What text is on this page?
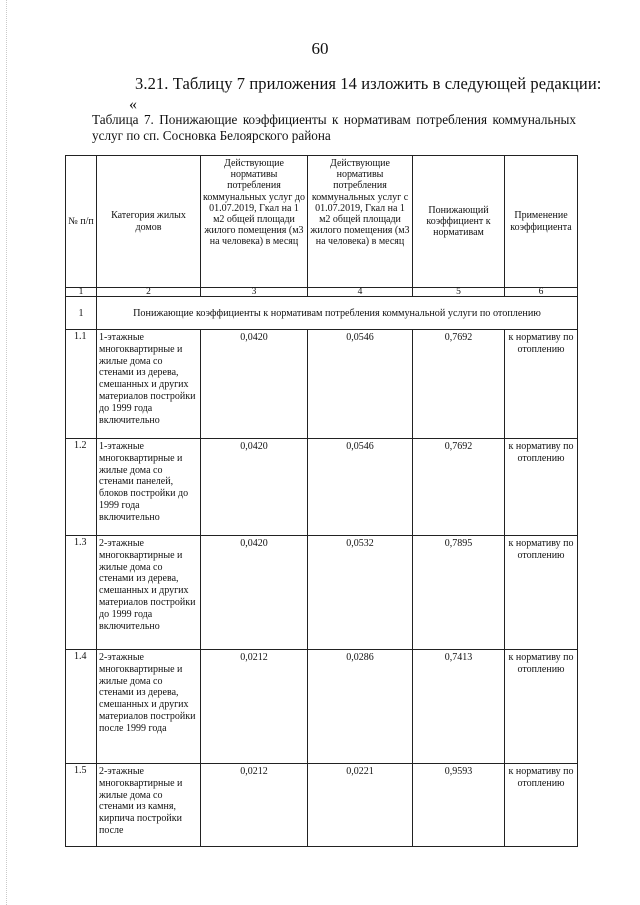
60
3.21. Таблицу 7 приложения 14 изложить в следующей редакции:
«
Таблица 7. Понижающие коэффициенты к нормативам потребления коммунальных услуг по сп. Сосновка Белоярского района
№ п/п	Категория жилых домов	Действующие нормативы потребления коммунальных услуг до 01.07.2019, Гкал на 1 м2 общей площади жилого помещения (м3 на человека) в месяц	Действующие нормативы потребления коммунальных услуг с 01.07.2019, Гкал на 1 м2 общей площади жилого помещения (м3 на человека) в месяц	Понижающий коэффициент к нормативам	Применение коэффициента
1	2	3	4	5	6
1	Понижающие коэффициенты к нормативам потребления коммунальной услуги по отоплению				
1.1	1-этажные многоквартирные и жилые дома со стенами из дерева, смешанных и других материалов постройки до 1999 года включительно	0,0420	0,0546	0,7692	к нормативу по отоплению
1.2	1-этажные многоквартирные и жилые дома со стенами панелей, блоков постройки до 1999 года включительно	0,0420	0,0546	0,7692	к нормативу по отоплению
1.3	2-этажные многоквартирные и жилые дома со стенами из дерева, смешанных и других материалов постройки до 1999 года включительно	0,0420	0,0532	0,7895	к нормативу по отоплению
1.4	2-этажные многоквартирные и жилые дома со стенами из дерева, смешанных и других материалов постройки после 1999 года	0,0212	0,0286	0,7413	к нормативу по отоплению
1.5	2-этажные многоквартирные и жилые дома со стенами из камня, кирпича постройки после	0,0212	0,0221	0,9593	к нормативу по отоплению
